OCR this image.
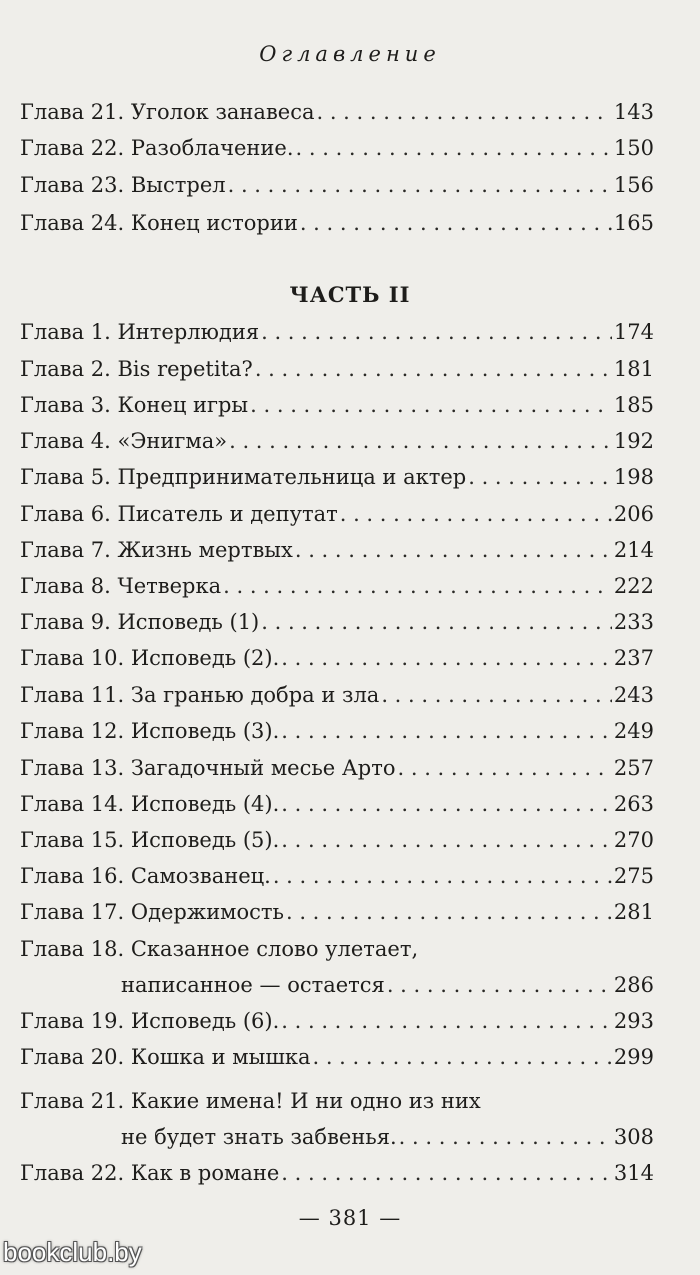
Оглавление
Глава 21. Уголок занавеса . . .	143
Глава 22. Разоблачение. . . .	150
Глава 23. Выстрел . . .	156
Глава 24. Конец истории . . .	165
ЧАСТЬ II
Глава 1. Интерлюдия . . .	174
Глава 2. Bis repetita? . . .	181
Глава 3. Конец игры . . .	185
Глава 4. «Энигма» . . .	192
Глава 5. Предпринимательница и актер . . .	198
Глава 6. Писатель и депутат . . .	206
Глава 7. Жизнь мертвых . . .	214
Глава 8. Четверка . . .	222
Глава 9. Исповедь (1) . . .	233
Глава 10. Исповедь (2). . . .	237
Глава 11. За гранью добра и зла . . .	243
Глава 12. Исповедь (3). . . .	249
Глава 13. Загадочный месье Арто . . .	257
Глава 14. Исповедь (4). . . .	263
Глава 15. Исповедь (5). . . .	270
Глава 16. Самозванец. . . .	275
Глава 17. Одержимость . . .	281
Глава 18. Сказанное слово улетает,
написанное — остается . . .	286
Глава 19. Исповедь (6). . . .	293
Глава 20. Кошка и мышка . . .	299
Глава 21. Какие имена! И ни одно из них
не будет знать забвенья. . . .	308
Глава 22. Как в романе . . .	314
— 381 —
bookclub.by
